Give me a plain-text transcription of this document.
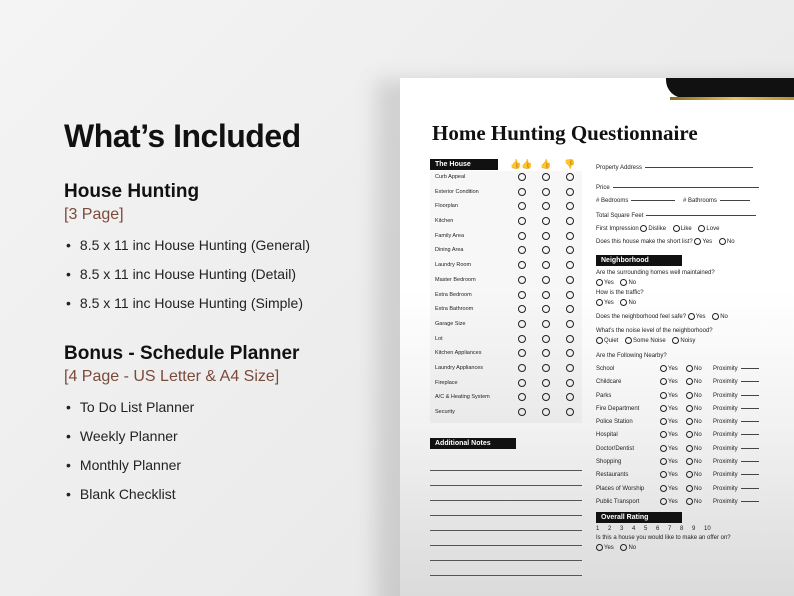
What’s Included
House Hunting
[3 Page]
• 8.5 x 11 inc House Hunting (General)
• 8.5 x 11 inc House Hunting (Detail)
• 8.5 x 11 inc House Hunting (Simple)
Bonus - Schedule Planner
[4 Page - US Letter & A4 Size]
• To Do List Planner
• Weekly Planner
• Monthly Planner
• Blank Checklist
Home Hunting Questionnaire
The House	👍👍 👍 👎
Curb Appeal
Exterior Condition
Floorplan
Kitchen
Family Area
Dining Area
Laundry Room
Master Bedroom
Extra Bedroom
Extra Bathroom
Garage Size
Lot
Kitchen Appliances
Laundry Appliances
Fireplace
A/C & Heating System
Security
Additional Notes
Property Address
Price
# Bedrooms	# Bathrooms
Total Square Feet
First Impression Dislike Like Love
Does this house make the short list? Yes No
Neighborhood
Are the surrounding homes well maintained?
Yes No
How is the traffic?
Yes No
Does the neighborhood feel safe? Yes No
What’s the noise level of the neighborhood?
Quiet Some Noise Noisy
Are the Following Nearby?
School	Yes	No Proximity
Childcare	Yes	No Proximity
Parks	Yes	No Proximity
Fire Department	Yes	No Proximity
Police Station	Yes	No Proximity
Hospital	Yes	No Proximity
Doctor/Dentist	Yes	No Proximity
Shopping	Yes	No Proximity
Restaurants	Yes	No Proximity
Places of Worship	Yes	No Proximity
Public Transport	Yes	No Proximity
Overall Rating
1 2 3 4 5 6 7 8 9 10
Is this a house you would like to make an offer on?
Yes No
